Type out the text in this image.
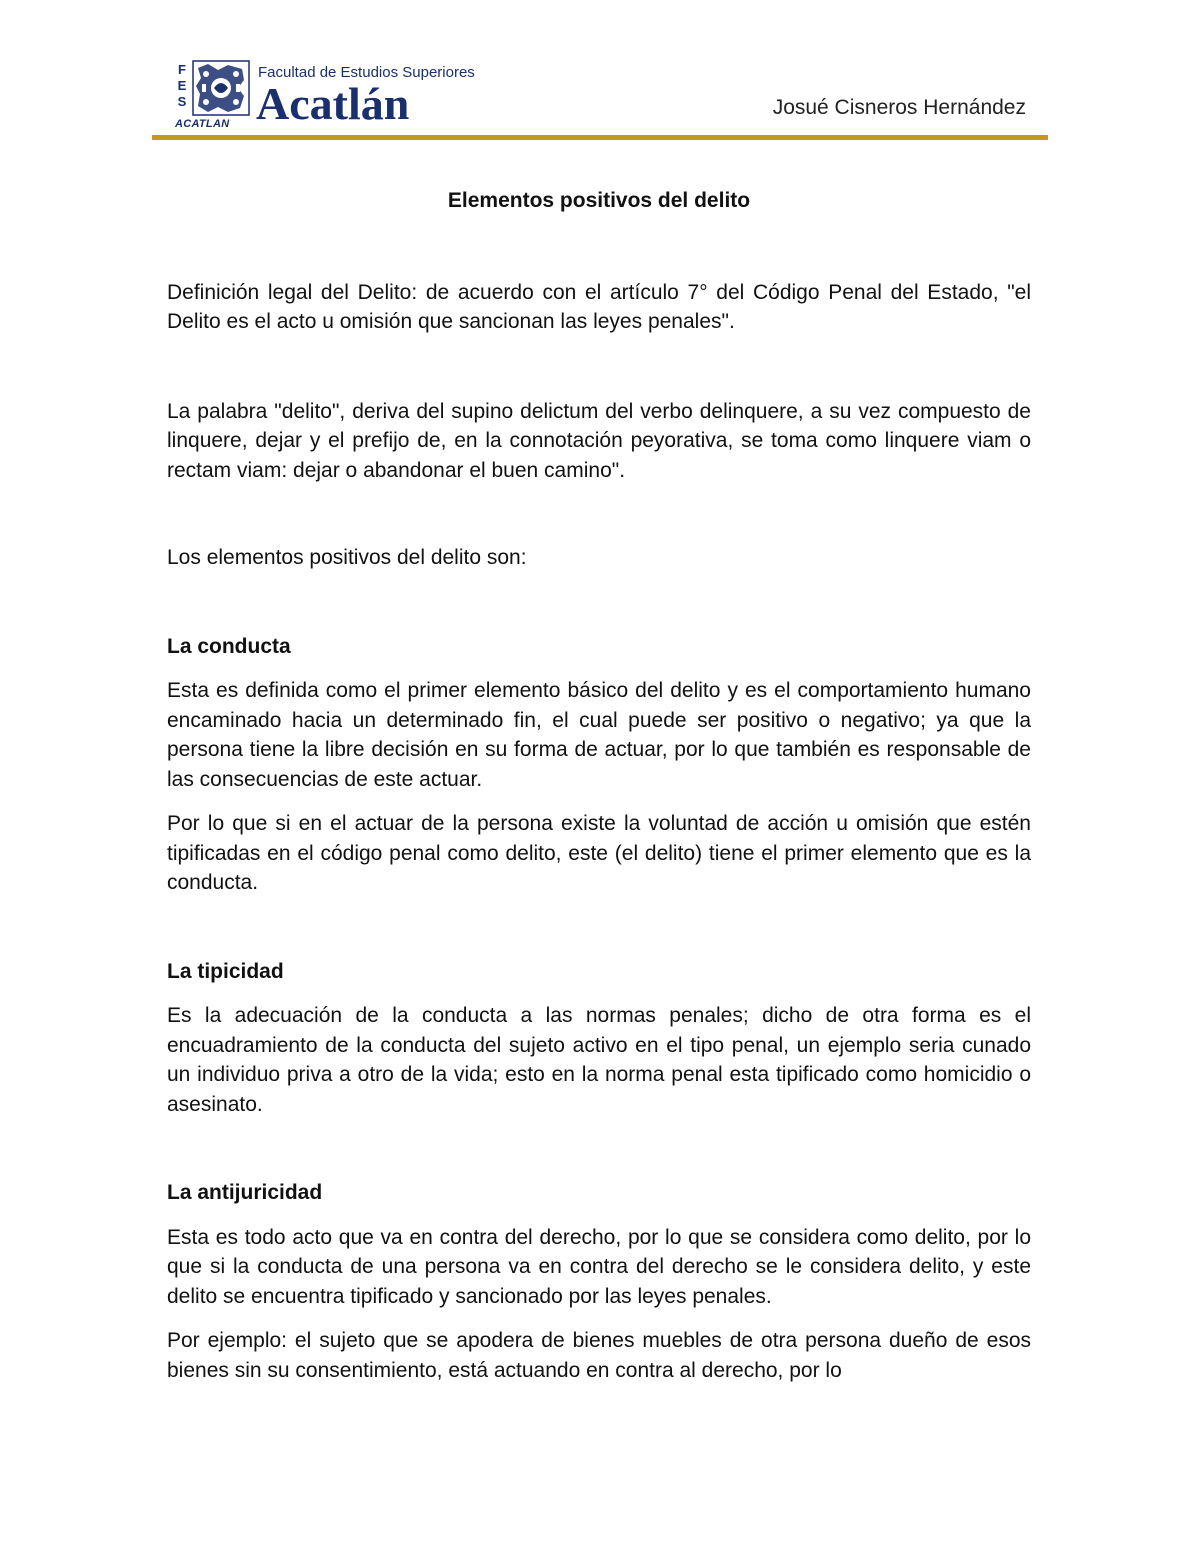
F
E
S
ACATLAN
Facultad de Estudios Superiores
Acatlán	Josué Cisneros Hernández
Elementos positivos del delito

Definición legal del Delito: de acuerdo con el artículo 7° del Código Penal del Estado, "el Delito es el acto u omisión que sancionan las leyes penales".

La palabra "delito", deriva del supino delictum del verbo delinquere, a su vez compuesto de linquere, dejar y el prefijo de, en la connotación peyorativa, se toma como linquere viam o rectam viam: dejar o abandonar el buen camino".

Los elementos positivos del delito son:

La conducta

Esta es definida como el primer elemento básico del delito y es el comportamiento humano encaminado hacia un determinado fin, el cual puede ser positivo o negativo; ya que la persona tiene la libre decisión en su forma de actuar, por lo que también es responsable de las consecuencias de este actuar.

Por lo que si en el actuar de la persona existe la voluntad de acción u omisión que estén tipificadas en el código penal como delito, este (el delito) tiene el primer elemento que es la conducta.

La tipicidad

Es la adecuación de la conducta a las normas penales; dicho de otra forma es el encuadramiento de la conducta del sujeto activo en el tipo penal, un ejemplo seria cunado un individuo priva a otro de la vida; esto en la norma penal esta tipificado como homicidio o asesinato.

La antijuricidad

Esta es todo acto que va en contra del derecho, por lo que se considera como delito, por lo que si la conducta de una persona va en contra del derecho se le considera delito, y este delito se encuentra tipificado y sancionado por las leyes penales.

Por ejemplo: el sujeto que se apodera de bienes muebles de otra persona dueño de esos bienes sin su consentimiento, está actuando en contra al derecho, por lo
